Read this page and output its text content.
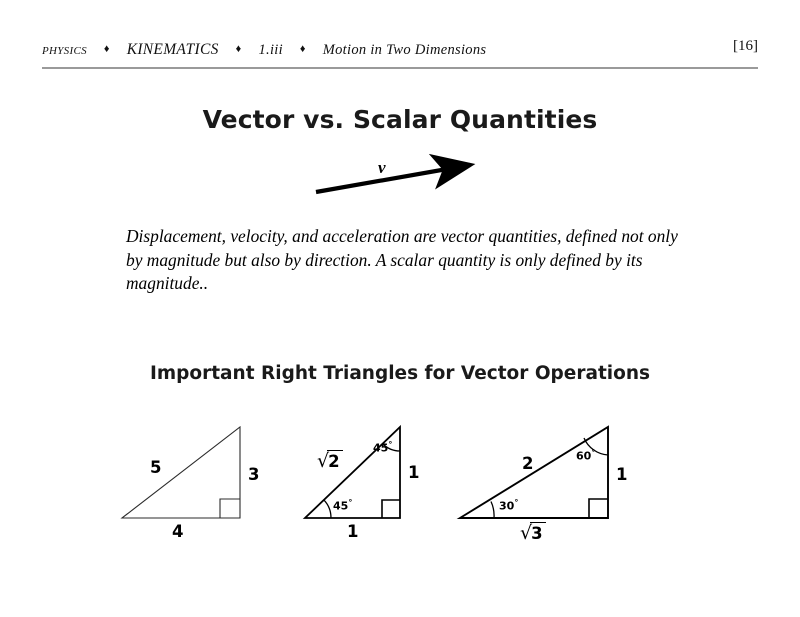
physics ♦ KINEMATICS ♦ 1.iii ♦ Motion in Two Dimensions	[16]
Vector vs. Scalar Quantities
v
Displacement, velocity, and acceleration are vector quantities, defined not only by magnitude but also by direction. A scalar quantity is only defined by its magnitude..
Important Right Triangles for Vector Operations
5	3
4
√2
1
1
45°
45°
2
1
√3
30°
60°
